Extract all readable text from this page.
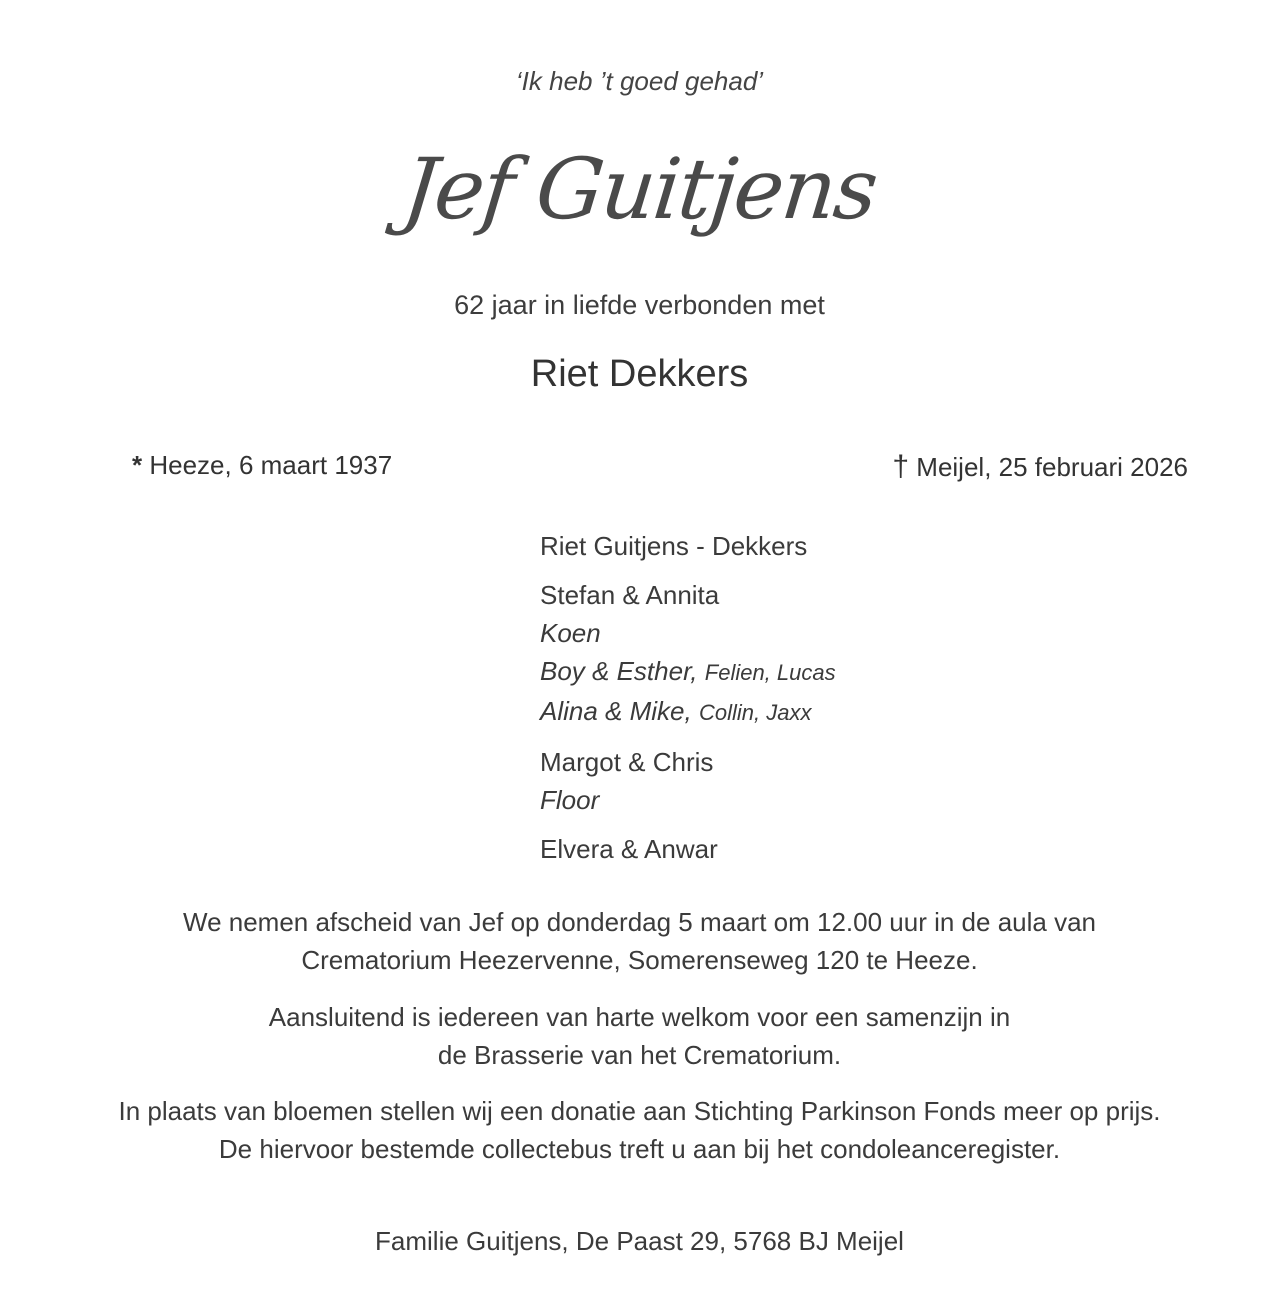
‘Ik heb ’t goed gehad’
Jef Guitjens
62 jaar in liefde verbonden met
Riet Dekkers
* Heeze, 6 maart 1937	† Meijel, 25 februari 2026
Riet Guitjens - Dekkers
Stefan & Annita
Koen
Boy & Esther, Felien, Lucas
Alina & Mike, Collin, Jaxx
Margot & Chris
Floor
Elvera & Anwar
We nemen afscheid van Jef op donderdag 5 maart om 12.00 uur in de aula van
Crematorium Heezervenne, Somerenseweg 120 te Heeze.
Aansluitend is iedereen van harte welkom voor een samenzijn in
de Brasserie van het Crematorium.
In plaats van bloemen stellen wij een donatie aan Stichting Parkinson Fonds meer op prijs.
De hiervoor bestemde collectebus treft u aan bij het condoleanceregister.
Familie Guitjens, De Paast 29, 5768 BJ Meijel
